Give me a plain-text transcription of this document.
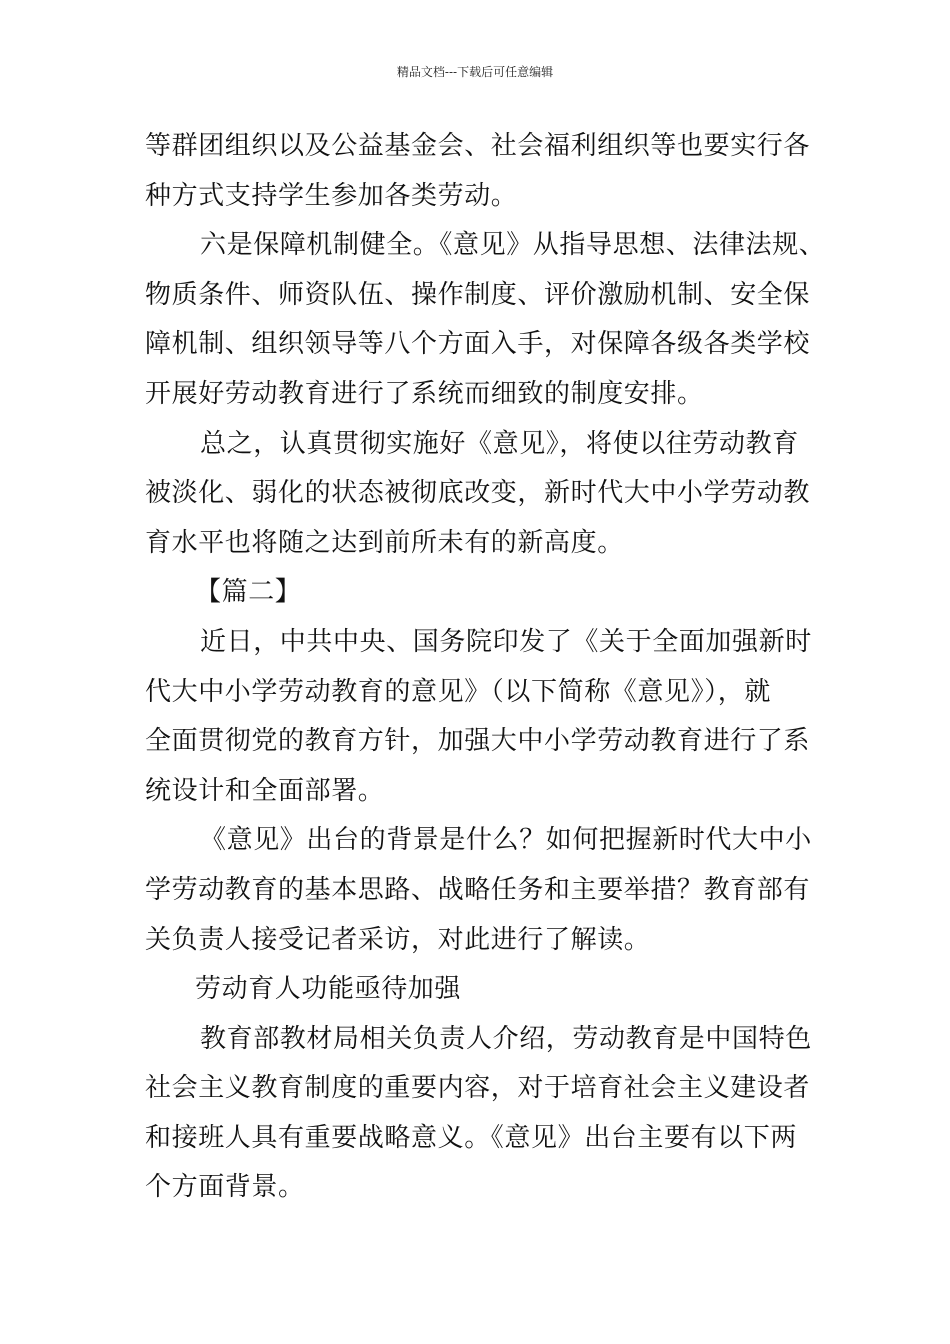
精品文档---下载后可任意编辑
等群团组织以及公益基金会、社会福利组织等也要实行各
种方式支持学生参加各类劳动。
六是保障机制健全。《意见》从指导思想、法律法规、
物质条件、师资队伍、操作制度、评价激励机制、安全保
障机制、组织领导等八个方面入手，对保障各级各类学校
开展好劳动教育进行了系统而细致的制度安排。
总之，认真贯彻实施好《意见》，将使以往劳动教育
被淡化、弱化的状态被彻底改变，新时代大中小学劳动教
育水平也将随之达到前所未有的新高度。
【篇二】
近日，中共中央、国务院印发了《关于全面加强新时
代大中小学劳动教育的意见》（以下简称《意见》），就
全面贯彻党的教育方针，加强大中小学劳动教育进行了系
统设计和全面部署。
《意见》出台的背景是什么？如何把握新时代大中小
学劳动教育的基本思路、战略任务和主要举措？教育部有
关负责人接受记者采访，对此进行了解读。
劳动育人功能亟待加强
教育部教材局相关负责人介绍，劳动教育是中国特色
社会主义教育制度的重要内容，对于培育社会主义建设者
和接班人具有重要战略意义。《意见》出台主要有以下两
个方面背景。
